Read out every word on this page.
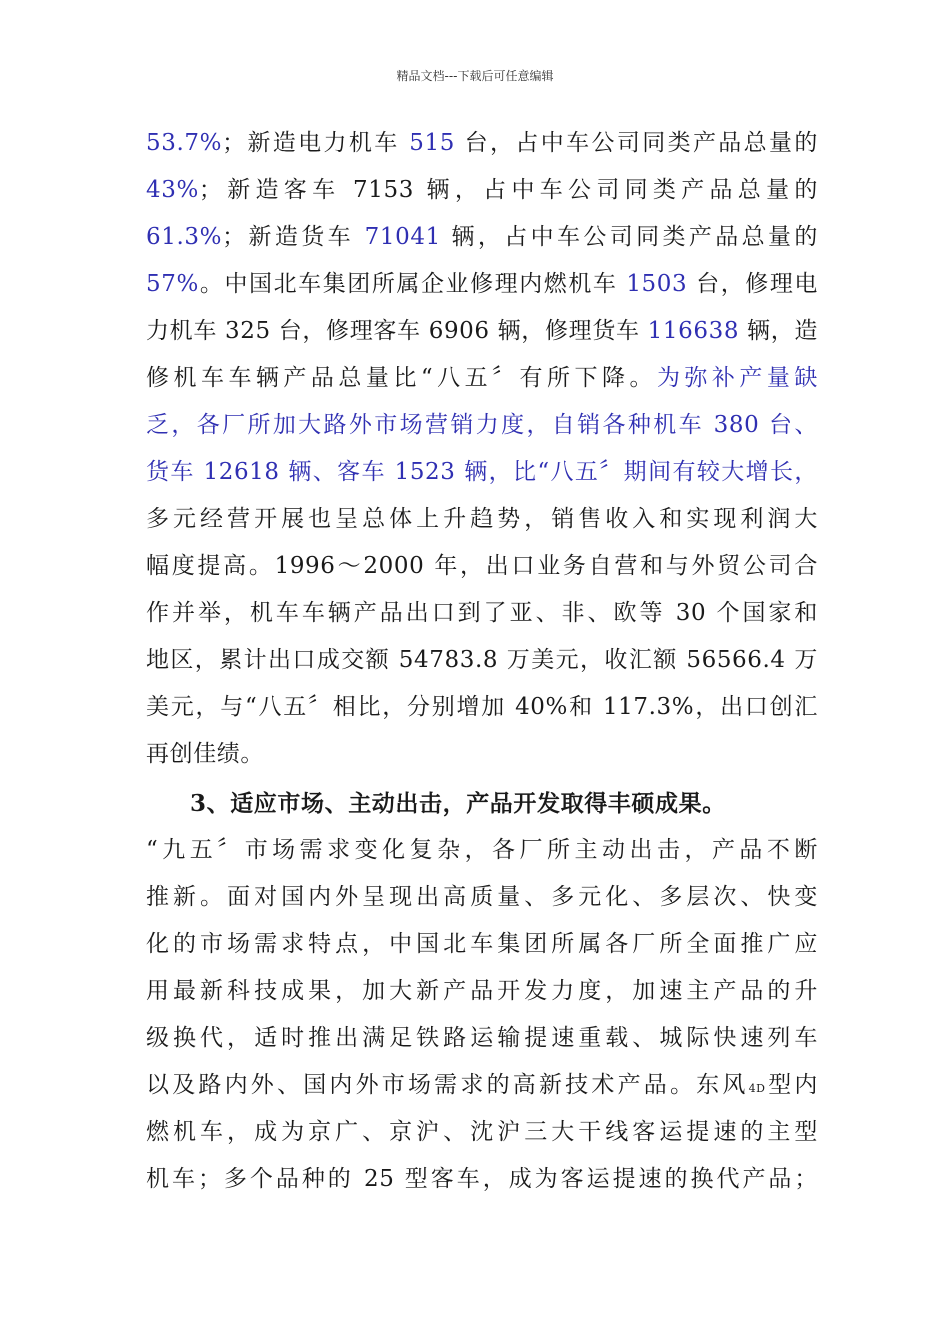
精品文档---下载后可任意编辑
53.7%；新造电力机车 515 台，占中车公司同类产品总量的
43%；新造客车 7153 辆，占中车公司同类产品总量的
61.3%；新造货车 71041 辆，占中车公司同类产品总量的
57%。中国北车集团所属企业修理内燃机车 1503 台，修理电
力机车 325 台，修理客车 6906 辆，修理货车 116638 辆，造
修机车车辆产品总量比“八五〞有所下降。为弥补产量缺
乏，各厂所加大路外市场营销力度，自销各种机车 380 台、
货车 12618 辆、客车 1523 辆，比“八五〞期间有较大增长，
多元经营开展也呈总体上升趋势，销售收入和实现利润大
幅度提高。1996～2000 年，出口业务自营和与外贸公司合
作并举，机车车辆产品出口到了亚、非、欧等 30 个国家和
地区，累计出口成交额 54783.8 万美元，收汇额 56566.4 万
美元，与“八五〞相比，分别增加 40%和 117.3%，出口创汇
再创佳绩。
3、适应市场、主动出击，产品开发取得丰硕成果。
“九五〞市场需求变化复杂，各厂所主动出击，产品不断
推新。面对国内外呈现出高质量、多元化、多层次、快变
化的市场需求特点，中国北车集团所属各厂所全面推广应
用最新科技成果，加大新产品开发力度，加速主产品的升
级换代，适时推出满足铁路运输提速重载、城际快速列车
以及路内外、国内外市场需求的高新技术产品。东风4D型内
燃机车，成为京广、京沪、沈沪三大干线客运提速的主型
机车；多个品种的 25 型客车，成为客运提速的换代产品；
